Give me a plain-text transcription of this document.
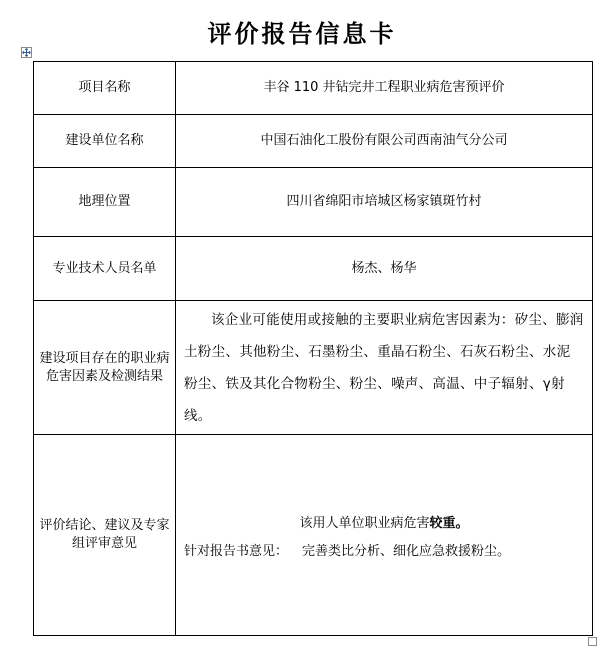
评价报告信息卡
项目名称	丰谷 110 井钻完井工程职业病危害预评价
建设单位名称	中国石油化工股份有限公司西南油气分公司
地理位置	四川省绵阳市培城区杨家镇斑竹村
专业技术人员名单	杨杰、杨华
建设项目存在的职业病危害因素及检测结果	该企业可能使用或接触的主要职业病危害因素为：矽尘、膨润土粉尘、其他粉尘、石墨粉尘、重晶石粉尘、石灰石粉尘、水泥粉尘、铁及其化合物粉尘、粉尘、噪声、高温、中子辐射、γ射线。

评价结论、建议及专家组评审意见	该用人单位职业病危害较重。
针对报告书意见： 完善类比分析、细化应急救援粉尘。
